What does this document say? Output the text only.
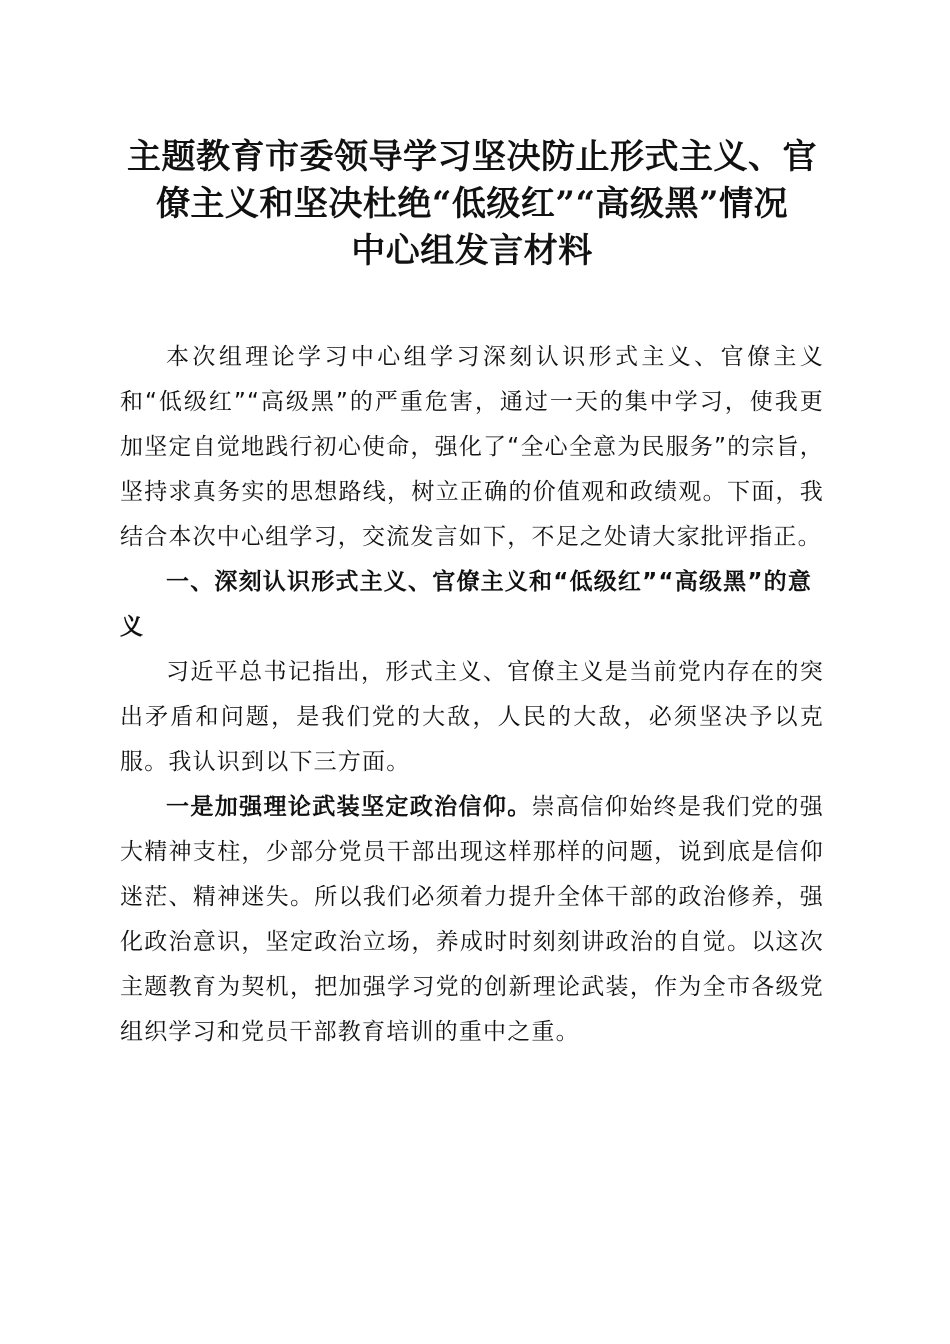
主题教育市委领导学习坚决防止形式主义、官
僚主义和坚决杜绝“低级红”“高级黑”情况
中心组发言材料

本次组理论学习中心组学习深刻认识形式主义、官僚主义和“低级红”“高级黑”的严重危害，通过一天的集中学习，使我更加坚定自觉地践行初心使命，强化了“全心全意为民服务”的宗旨，坚持求真务实的思想路线，树立正确的价值观和政绩观。下面，我结合本次中心组学习，交流发言如下，不足之处请大家批评指正。

一、深刻认识形式主义、官僚主义和“低级红”“高级黑”的意义

习近平总书记指出，形式主义、官僚主义是当前党内存在的突出矛盾和问题，是我们党的大敌，人民的大敌，必须坚决予以克服。我认识到以下三方面。

一是加强理论武装坚定政治信仰。崇高信仰始终是我们党的强大精神支柱，少部分党员干部出现这样那样的问题，说到底是信仰迷茫、精神迷失。所以我们必须着力提升全体干部的政治修养，强化政治意识，坚定政治立场，养成时时刻刻讲政治的自觉。以这次主题教育为契机，把加强学习党的创新理论武装，作为全市各级党组织学习和党员干部教育培训的重中之重。
